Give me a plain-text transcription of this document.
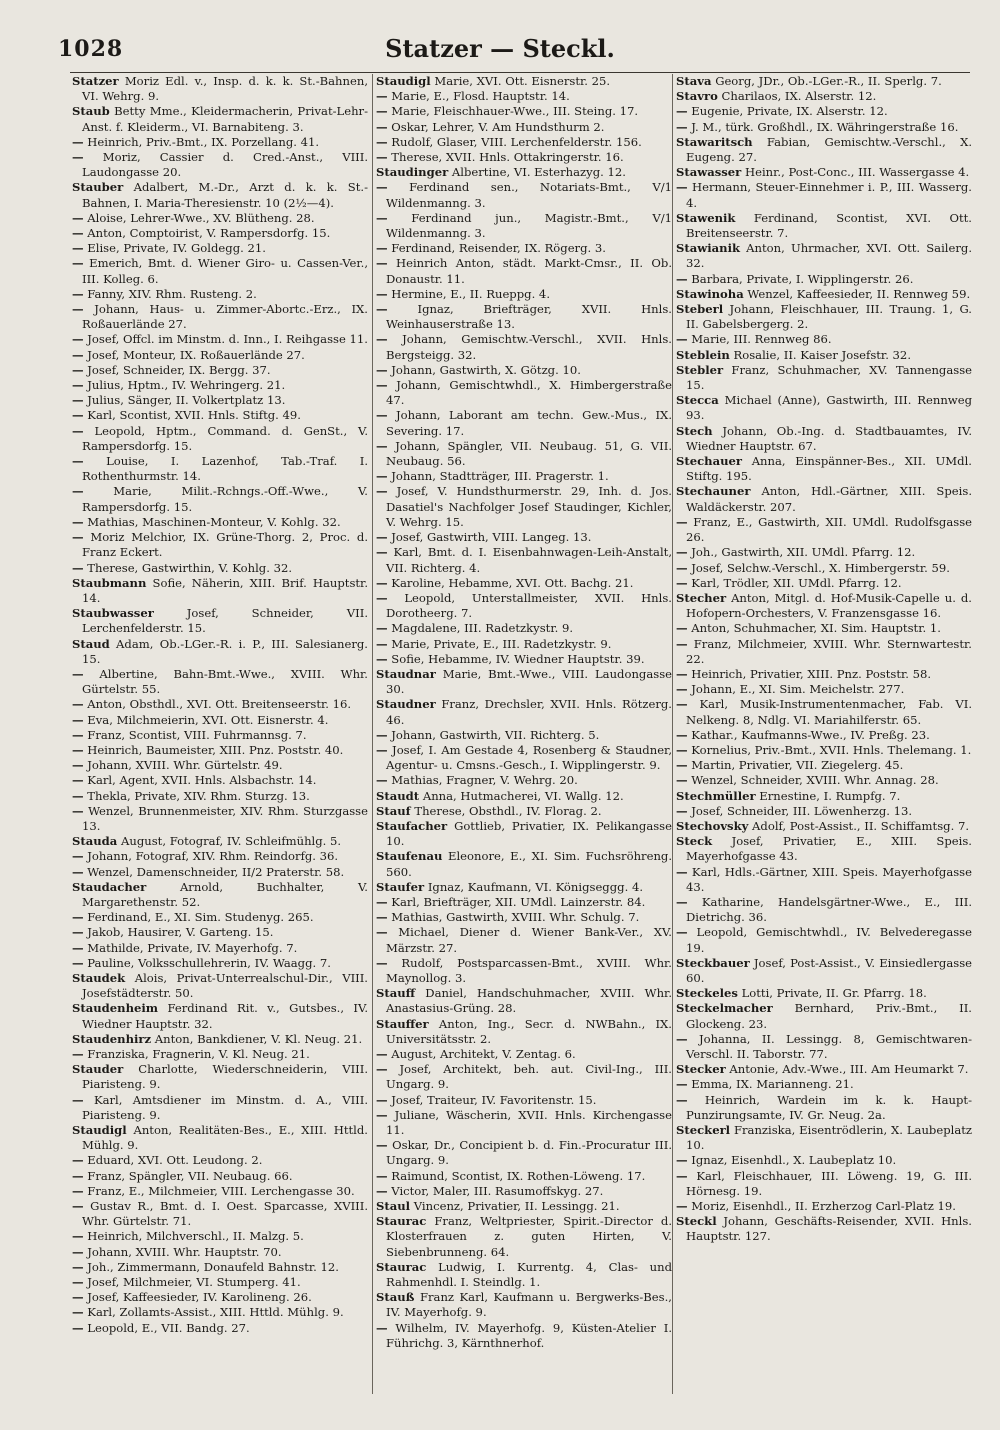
1028	Statzer — Steckl.

Statzer Moriz Edl. v., Insp. d. k. k. St.-Bahnen, VI. Wehrg. 9.

Staub Betty Mme., Kleidermacherin, Privat-Lehr-Anst. f. Kleiderm., VI. Barnabiteng. 3.

— Heinrich, Priv.-Bmt., IX. Porzellang. 41.

— Moriz, Cassier d. Cred.-Anst., VIII. Laudongasse 20.

Stauber Adalbert, M.-Dr., Arzt d. k. k. St.-Bahnen, I. Maria-Theresienstr. 10 (2½—4).

— Aloise, Lehrer-Wwe., XV. Blütheng. 28.

— Anton, Comptoirist, V. Rampersdorfg. 15.

— Elise, Private, IV. Goldegg. 21.

— Emerich, Bmt. d. Wiener Giro- u. Cassen-Ver., III. Kolleg. 6.

— Fanny, XIV. Rhm. Rusteng. 2.

— Johann, Haus- u. Zimmer-Abortc.-Erz., IX. Roßauerlände 27.

— Josef, Offcl. im Minstm. d. Inn., I. Reihgasse 11.

— Josef, Monteur, IX. Roßauerlände 27.

— Josef, Schneider, IX. Bergg. 37.

— Julius, Hptm., IV. Wehringerg. 21.

— Julius, Sänger, II. Volkertplatz 13.

— Karl, Scontist, XVII. Hnls. Stiftg. 49.

— Leopold, Hptm., Command. d. GenSt., V. Rampersdorfg. 15.

— Louise, I. Lazenhof, Tab.-Traf. I. Rothenthurmstr. 14.

—	Marie, Milit.-Rchngs.-Off.-Wwe., V. Rampersdorfg. 15.

— Mathias, Maschinen-Monteur, V. Kohlg. 32.

— Moriz Melchior, IX. Grüne-Thorg. 2, Proc. d. Franz Eckert.

— Therese, Gastwirthin, V. Kohlg. 32.

Staubmann Sofie, Näherin, XIII. Brif. Hauptstr. 14.

Staubwasser	Josef, Schneider, VII. Lerchenfelderstr. 15.

Staud Adam, Ob.-LGer.-R. i. P., III. Salesianerg. 15.

— Albertine, Bahn-Bmt.-Wwe., XVIII. Whr. Gürtelstr. 55.

— Anton, Obsthdl., XVI. Ott. Breitenseerstr. 16.

— Eva, Milchmeierin, XVI. Ott. Eisnerstr. 4.

— Franz, Scontist, VIII. Fuhrmannsg. 7.

— Heinrich, Baumeister, XIII. Pnz. Poststr. 40.

— Johann, XVIII. Whr. Gürtelstr. 49.

— Karl, Agent, XVII. Hnls. Alsbachstr. 14.

— Thekla, Private, XIV. Rhm. Sturzg. 13.

— Wenzel, Brunnenmeister, XIV. Rhm. Sturzgasse 13.

Stauda August, Fotograf, IV. Schleifmühlg. 5.

— Johann, Fotograf, XIV. Rhm. Reindorfg. 36.

— Wenzel, Damenschneider, II/2 Praterstr. 58.

Staudacher	Arnold, Buchhalter, V. Margarethenstr. 52.

— Ferdinand, E., XI. Sim. Studenyg. 265.

— Jakob, Hausirer, V. Garteng. 15.

— Mathilde, Private, IV. Mayerhofg. 7.

— Pauline, Volksschullehrerin, IV. Waagg. 7.

Staudek Alois, Privat-Unterrealschul-Dir., VIII. Josefstädterstr. 50.

Staudenheim Ferdinand Rit. v., Gutsbes., IV. Wiedner Hauptstr. 32.

Staudenhirz Anton, Bankdiener, V. Kl. Neug. 21.

— Franziska, Fragnerin, V. Kl. Neug. 21.

Stauder Charlotte, Wiederschneiderin, VIII. Piaristeng. 9.

— Karl, Amtsdiener im Minstm. d. A., VIII. Piaristeng. 9.

Staudigl Anton, Realitäten-Bes., E., XIII. Httld. Mühlg. 9.

— Eduard, XVI. Ott. Leudong. 2.

— Franz, Spängler, VII. Neubaug. 66.

— Franz, E., Milchmeier, VIII. Lerchengasse 30.

— Gustav R., Bmt. d. I. Oest. Sparcasse, XVIII. Whr. Gürtelstr. 71.

— Heinrich, Milchverschl., II. Malzg. 5.

— Johann, XVIII. Whr. Hauptstr. 70.

— Joh., Zimmermann, Donaufeld Bahnstr. 12.

— Josef, Milchmeier, VI. Stumperg. 41.

— Josef, Kaffeesieder, IV. Karolineng. 26.

— Karl, Zollamts-Assist., XIII. Httld. Mühlg. 9.

— Leopold, E., VII. Bandg. 27.

Staudigl Marie, XVI. Ott. Eisnerstr. 25.

— Marie, E., Flosd. Hauptstr. 14.

— Marie, Fleischhauer-Wwe., III. Steing. 17.

— Oskar, Lehrer, V. Am Hundsthurm 2.

— Rudolf, Glaser, VIII. Lerchenfelderstr. 156.

— Therese, XVII. Hnls. Ottakringerstr. 16.

Staudinger Albertine, VI. Esterhazyg. 12.

— Ferdinand sen., Notariats-Bmt., V/1 Wildenmanng. 3.

— Ferdinand jun., Magistr.-Bmt., V/1 Wildenmanng. 3.

— Ferdinand, Reisender, IX. Rögerg. 3.

— Heinrich Anton, städt. Markt-Cmsr., II. Ob. Donaustr. 11.

— Hermine, E., II. Rueppg. 4.

—	Ignaz, Briefträger, XVII. Hnls. Weinhauserstraße 13.

— Johann, Gemischtw.-Verschl., XVII. Hnls. Bergsteigg. 32.

— Johann, Gastwirth, X. Götzg. 10.

— Johann, Gemischtwhdl., X. Himbergerstraße 47.

— Johann, Laborant am techn. Gew.-Mus., IX. Severing. 17.

— Johann, Spängler, VII. Neubaug. 51, G. VII. Neubaug. 56.

— Johann, Stadtträger, III. Pragerstr. 1.

— Josef, V. Hundsthurmerstr. 29, Inh. d. Jos. Dasatiel's Nachfolger Josef Staudinger, Kichler, V. Wehrg. 15.

— Josef, Gastwirth, VIII. Langeg. 13.

— Karl, Bmt. d. I. Eisenbahnwagen-Leih-Anstalt, VII. Richterg. 4.

— Karoline, Hebamme, XVI. Ott. Bachg. 21.

— Leopold, Unterstallmeister, XVII. Hnls. Dorotheerg. 7.

— Magdalene, III. Radetzkystr. 9.

— Marie, Private, E., III. Radetzkystr. 9.

— Sofie, Hebamme, IV. Wiedner Hauptstr. 39.

Staudnar Marie, Bmt.-Wwe., VIII. Laudongasse 30.

Staudner Franz, Drechsler, XVII. Hnls. Rötzerg. 46.

— Johann, Gastwirth, VII. Richterg. 5.

— Josef, I. Am Gestade 4, Rosenberg & Staudner, Agentur- u. Cmsns.-Gesch., I. Wipplingerstr. 9.

— Mathias, Fragner, V. Wehrg. 20.

Staudt Anna, Hutmacherei, VI. Wallg. 12.

Stauf Therese, Obsthdl., IV. Florag. 2.

Staufacher Gottlieb, Privatier, IX. Pelikangasse 10.

Staufenau Eleonore, E., XI. Sim. Fuchsröhreng. 560.

Staufer Ignaz, Kaufmann, VI. Königseggg. 4.

— Karl, Briefträger, XII. UMdl. Lainzerstr. 84.

— Mathias, Gastwirth, XVIII. Whr. Schulg. 7.

— Michael, Diener d. Wiener Bank-Ver., XV. Märzstr. 27.

— Rudolf, Postsparcassen-Bmt., XVIII. Whr. Maynollog. 3.

Stauff Daniel, Handschuhmacher, XVIII. Whr. Anastasius-Grüng. 28.

Stauffer Anton, Ing., Secr. d. NWBahn., IX. Universitätsstr. 2.

— August, Architekt, V. Zentag. 6.

— Josef, Architekt, beh. aut. Civil-Ing., III. Ungarg. 9.

— Josef, Traiteur, IV. Favoritenstr. 15.

— Juliane, Wäscherin, XVII. Hnls. Kirchengasse 11.

— Oskar, Dr., Concipient b. d. Fin.-Procuratur III. Ungarg. 9.

— Raimund, Scontist, IX. Rothen-Löweng. 17.

— Victor, Maler, III. Rasumoffskyg. 27.

Staul Vincenz, Privatier, II. Lessingg. 21.

Staurac Franz, Weltpriester, Spirit.-Director d. Klosterfrauen z. guten Hirten, V. Siebenbrunneng. 64.

Staurac Ludwig, I. Kurrentg. 4, Clas- und Rahmenhdl. I. Steindlg. 1.

Stauß Franz Karl, Kaufmann u. Bergwerks-Bes., IV. Mayerhofg. 9.

— Wilhelm, IV. Mayerhofg. 9, Küsten-Atelier I. Führichg. 3, Kärnthnerhof.

Stava Georg, JDr., Ob.-LGer.-R., II. Sperlg. 7.

Stavro Charilaos, IX. Alserstr. 12.

— Eugenie, Private, IX. Alserstr. 12.

— J. M., türk. Großhdl., IX. Währingerstraße 16.

Stawaritsch Fabian, Gemischtw.-Verschl., X. Eugeng. 27.

Stawasser Heinr., Post-Conc., III. Wassergasse 4.

— Hermann, Steuer-Einnehmer i. P., III. Wasserg. 4.

Stawenik Ferdinand, Scontist, XVI. Ott. Breitenseerstr. 7.

Stawianik Anton, Uhrmacher, XVI. Ott. Sailerg. 32.

— Barbara, Private, I. Wipplingerstr. 26.

Stawinoha Wenzel, Kaffeesieder, II. Rennweg 59.

Steberl Johann, Fleischhauer, III. Traung. 1, G. II. Gabelsbergerg. 2.

— Marie, III. Rennweg 86.

Steblein Rosalie, II. Kaiser Josefstr. 32.

Stebler Franz, Schuhmacher, XV. Tannengasse 15.

Stecca Michael (Anne), Gastwirth, III. Rennweg 93.

Stech Johann, Ob.-Ing. d. Stadtbauamtes, IV. Wiedner Hauptstr. 67.

Stechauer Anna, Einspänner-Bes., XII. UMdl. Stiftg. 195.

Stechauner Anton, Hdl.-Gärtner, XIII. Speis. Waldäckerstr. 207.

— Franz, E., Gastwirth, XII. UMdl. Rudolfsgasse 26.

— Joh., Gastwirth, XII. UMdl. Pfarrg. 12.

— Josef, Selchw.-Verschl., X. Himbergerstr. 59.

— Karl, Trödler, XII. UMdl. Pfarrg. 12.

Stecher Anton, Mitgl. d. Hof-Musik-Capelle u. d. Hofopern-Orchesters, V. Franzensgasse 16.

— Anton, Schuhmacher, XI. Sim. Hauptstr. 1.

— Franz, Milchmeier, XVIII. Whr. Sternwartestr. 22.

— Heinrich, Privatier, XIII. Pnz. Poststr. 58.

— Johann, E., XI. Sim. Meichelstr. 277.

— Karl, Musik-Instrumentenmacher, Fab. VI. Nelkeng. 8, Ndlg. VI. Mariahilferstr. 65.

— Kathar., Kaufmanns-Wwe., IV. Preßg. 23.

— Kornelius, Priv.-Bmt., XVII. Hnls. Thelemang. 1.

— Martin, Privatier, VII. Ziegelerg. 45.

— Wenzel, Schneider, XVIII. Whr. Annag. 28.

Stechmüller Ernestine, I. Rumpfg. 7.

— Josef, Schneider, III. Löwenherzg. 13.

Stechovsky Adolf, Post-Assist., II. Schiffamtsg. 7.

Steck Josef, Privatier, E., XIII. Speis. Mayerhofgasse 43.

— Karl, Hdls.-Gärtner, XIII. Speis. Mayerhofgasse 43.

— Katharine, Handelsgärtner-Wwe., E., III. Dietrichg. 36.

— Leopold, Gemischtwhdl., IV. Belvederegasse 19.

Steckbauer Josef, Post-Assist., V. Einsiedlergasse 60.

Steckeles Lotti, Private, II. Gr. Pfarrg. 18.

Steckelmacher Bernhard, Priv.-Bmt., II. Glockeng. 23.

— Johanna, II. Lessingg. 8, Gemischtwaren-Verschl. II. Taborstr. 77.

Stecker Antonie, Adv.-Wwe., III. Am Heumarkt 7.

— Emma, IX. Marianneng. 21.

— Heinrich, Wardein im k. k. Haupt-Punzirungsamte, IV. Gr. Neug. 2a.

Steckerl Franziska, Eisentrödlerin, X. Laubeplatz 10.

— Ignaz, Eisenhdl., X. Laubeplatz 10.

— Karl, Fleischhauer, III. Löweng. 19, G. III. Hörnesg. 19.

— Moriz, Eisenhdl., II. Erzherzog Carl-Platz 19.

Steckl Johann, Geschäfts-Reisender, XVII. Hnls. Hauptstr. 127.
